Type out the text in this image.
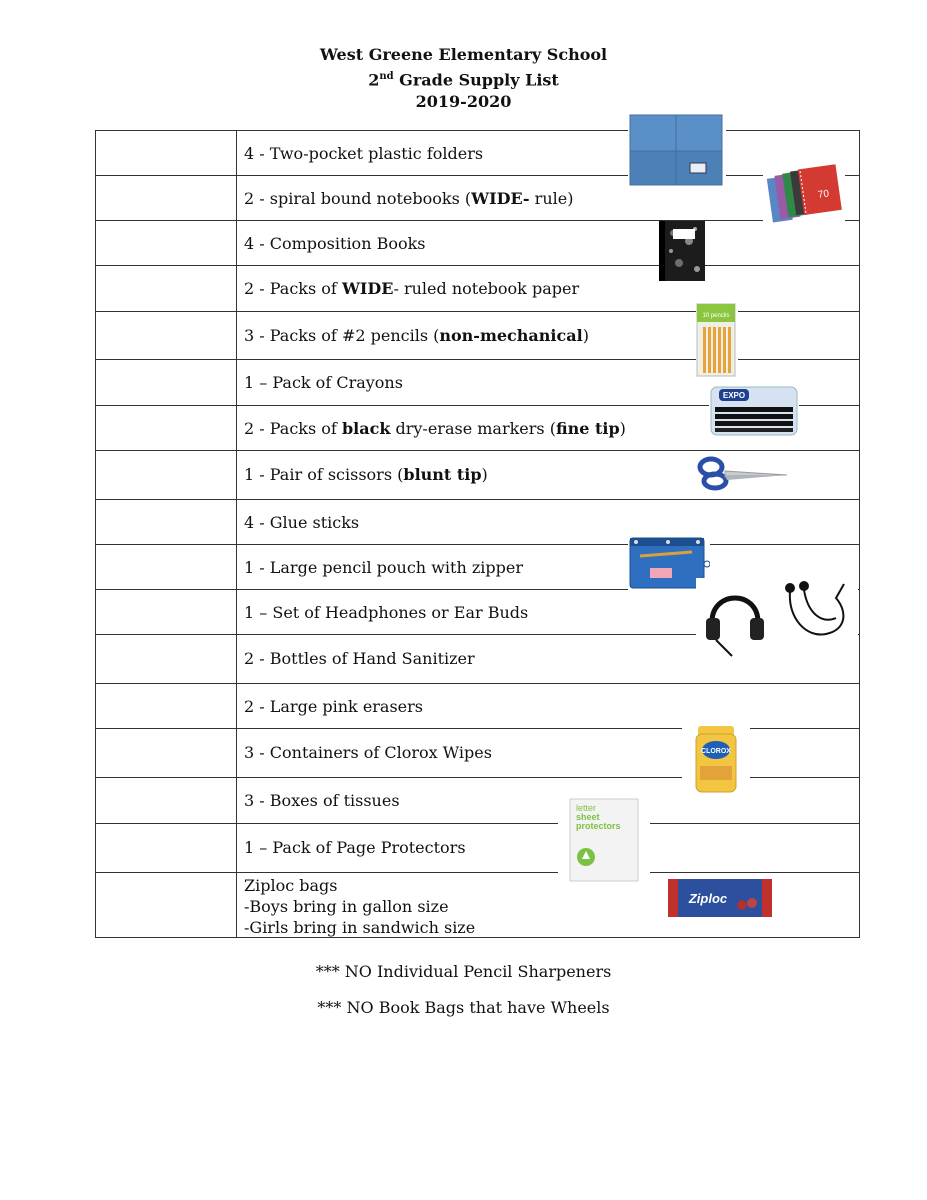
West Greene Elementary School
2nd Grade Supply List
2019-2020
4 - Two-pocket plastic folders
2 - spiral bound notebooks (WIDE- rule)
4 - Composition Books
2 - Packs of WIDE- ruled notebook paper
3 - Packs of #2 pencils (non-mechanical)
1 – Pack of Crayons
2 - Packs of black dry-erase markers (fine tip)
1 - Pair of scissors (blunt tip)
4 - Glue sticks
1 - Large pencil pouch with zipper
1 – Set of Headphones or Ear Buds
2 - Bottles of Hand Sanitizer
2 - Large pink erasers
3 - Containers of Clorox Wipes
3 - Boxes of tissues
1 – Pack of Page Protectors
Ziploc bags
-Boys bring in gallon size
-Girls bring in sandwich size
70
10 pencils
EXPO
CLOROX
letter
sheet
protectors
Ziploc
*** NO Individual Pencil Sharpeners
*** NO Book Bags that have Wheels
